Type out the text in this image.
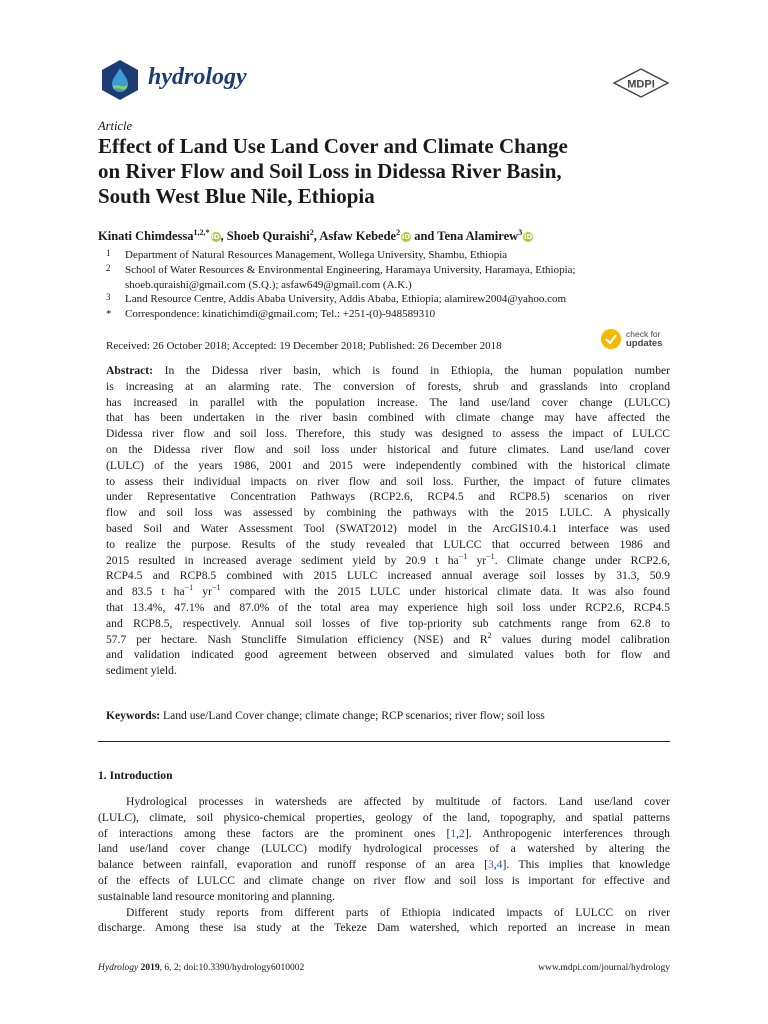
hydrology	MDPI
Article
Effect of Land Use Land Cover and Climate Change
on River Flow and Soil Loss in Didessa River Basin,
South West Blue Nile, Ethiopia
Kinati Chimdessa$^{1,2,*}$iD, Shoeb Quraishi$^2$, Asfaw Kebede$^2$iD and Tena Alamirew$^3$iD
1 Department of Natural Resources Management, Wollega University, Shambu, Ethiopia
2 School of Water Resources & Environmental Engineering, Haramaya University, Haramaya, Ethiopia;
shoeb.quraishi@gmail.com (S.Q.); asfaw649@gmail.com (A.K.)
3 Land Resource Centre, Addis Ababa University, Addis Ababa, Ethiopia; alamirew2004@yahoo.com
* Correspondence: kinatichimdi@gmail.com; Tel.: +251-(0)-948589310
Received: 26 October 2018; Accepted: 19 December 2018; Published: 26 December 2018
check for
updates
Abstract: In the Didessa river basin, which is found in Ethiopia, the human population number
is increasing at an alarming rate. The conversion of forests, shrub and grasslands into cropland
has increased in parallel with the population increase. The land use/land cover change (LULCC)
that has been undertaken in the river basin combined with climate change may have affected the
Didessa river flow and soil loss. Therefore, this study was designed to assess the impact of LULCC
on the Didessa river flow and soil loss under historical and future climates. Land use/land cover
(LULC) of the years 1986, 2001 and 2015 were independently combined with the historical climate
to assess their individual impacts on river flow and soil loss. Further, the impact of future climates
under Representative Concentration Pathways (RCP2.6, RCP4.5 and RCP8.5) scenarios on river
flow and soil loss was assessed by combining the pathways with the 2015 LULC. A physically
based Soil and Water Assessment Tool (SWAT2012) model in the ArcGIS10.4.1 interface was used
to realize the purpose. Results of the study revealed that LULCC that occurred between 1986 and
2015 resulted in increased average sediment yield by 20.9 t $ha^{-1}$ $yr^{-1}$. Climate change under RCP2.6,
RCP4.5 and RCP8.5 combined with 2015 LULC increased annual average soil losses by 31.3, 50.9
and 83.5 t $ha^{-1}$ $yr^{-1}$ compared with the 2015 LULC under historical climate data. It was also found
that 13.4%, 47.1% and 87.0% of the total area may experience high soil loss under RCP2.6, RCP4.5
and RCP8.5, respectively. Annual soil losses of five top-priority sub catchments range from 62.8 to
57.7 per hectare. Nash Stuncliffe Simulation efficiency (NSE) and $R^2$ values during model calibration
and validation indicated good agreement between observed and simulated values both for flow and
sediment yield.
Keywords: Land use/Land Cover change; climate change; RCP scenarios; river flow; soil loss
1. Introduction
Hydrological processes in watersheds are affected by multitude of factors. Land use/land cover
(LULC), climate, soil physico-chemical properties, geology of the land, topography, and spatial patterns
of interactions among these factors are the prominent ones [1,2]. Anthropogenic interferences through
land use/land cover change (LULCC) modify hydrological processes of a watershed by altering the
balance between rainfall, evaporation and runoff response of an area [3,4]. This implies that knowledge
of the effects of LULCC and climate change on river flow and soil loss is important for effective and
sustainable land resource monitoring and planning.
Different study reports from different parts of Ethiopia indicated impacts of LULCC on river
discharge. Among these isa study at the Tekeze Dam watershed, which reported an increase in mean
Hydrology 2019, 6, 2; doi:10.3390/hydrology6010002	www.mdpi.com/journal/hydrology
